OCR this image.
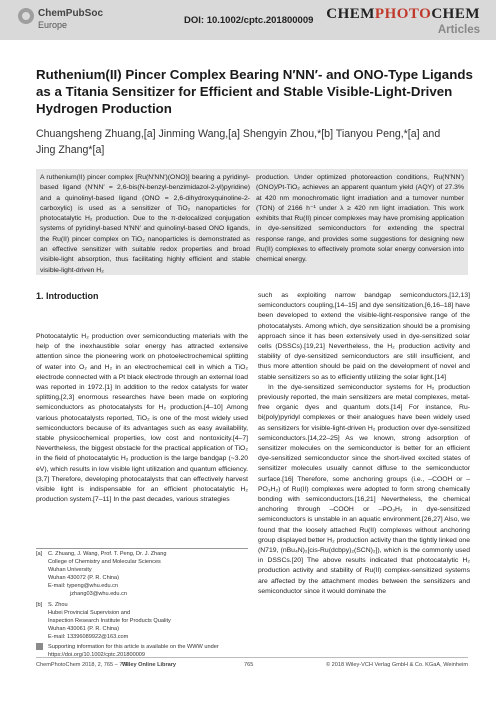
ChemPubSoc
Europe	DOI: 10.1002/cptc.201800009 CHEMPHOTOCHEM
Articles
Ruthenium(II) Pincer Complex Bearing N′NN′- and ONO-Type Ligands as a Titania Sensitizer for Efficient and Stable Visible-Light-Driven Hydrogen Production
Chuangsheng Zhuang,[a] Jinming Wang,[a] Shengyin Zhou,*[b] Tianyou Peng,*[a] and
Jing Zhang*[a]
A ruthenium(II) pincer complex [Ru(N′NN′)(ONO)] bearing a pyridinyl-based ligand (N′NN′ = 2,6-bis(N-benzyl-benzimidazol-2-yl)pyridine) and a quinolinyl-based ligand (ONO = 2,6-dihydroxyquinoline-2-carboxylic) is used as a sensitizer of TiO₂ nanoparticles for photocatalytic H₂ production. Due to the π-delocalized conjugation systems of pyridinyl-based N′NN′ and quinolinyl-based ONO ligands, the Ru(II) pincer complex on TiO₂ nanoparticles is demonstrated as an effective sensitizer with suitable redox properties and broad visible-light absorption, thus facilitating highly efficient and stable visible-light-driven H₂
production. Under optimized photoreaction conditions, Ru(N′NN′)(ONO)/Pt-TiO₂ achieves an apparent quantum yield (AQY) of 27.3% at 420 nm monochromatic light irradiation and a turnover number (TON) of 2166 h⁻¹ under λ ≥ 420 nm light irradiation. This work exhibits that Ru(II) pincer complexes may have promising application in dye-sensitized semiconductors for extending the spectral response range, and provides some suggestions for designing new Ru(II) complexes to effectively promote solar energy conversion into chemical energy.
1. Introduction

Photocatalytic H₂ production over semiconducting materials with the help of the inexhaustible solar energy has attracted extensive attention since the pioneering work on photoelectrochemical splitting of water into O₂ and H₂ in an electrochemical cell in which a TiO₂ electrode connected with a Pt black electrode through an external load was reported in 1972.[1] In addition to the redox catalysts for water splitting,[2,3] enormous researches have been made on exploring semiconductors as photocatalysts for H₂ production.[4–10] Among various photocatalysts reported, TiO₂ is one of the most widely used semiconductors because of its advantages such as easy availability, stable physicochemical properties, low cost and nontoxicity.[4–7] Nevertheless, the biggest obstacle for the practical application of TiO₂ in the field of photocatalytic H₂ production is the large bandgap (~3.20 eV), which results in low visible light utilization and quantum efficiency.[3,7] Therefore, developing photocatalysts that can effectively harvest visible light is indispensable for an efficient photocatalytic H₂ production system.[7–11] In the past decades, various strategies

such as exploiting narrow bandgap semiconductors,[12,13] semiconductors coupling,[14–15] and dye sensitization,[6,16–18] have been developed to extend the visible-light-responsive range of the photocatalysts. Among which, dye sensitization should be a promising approach since it has been extensively used in dye-sensitized solar cells (DSSCs).[19,21] Nevertheless, the H₂ production activity and stability of dye-sensitized semiconductors are still insufficient, and thus more attention should be paid on the development of novel and stable sensitizers so as to efficiently utilizing the solar light.[14]

In the dye-sensitized semiconductor systems for H₂ production previously reported, the main sensitizers are metal complexes, metal-free organic dyes and quantum dots.[14] For instance, Ru-bi(poly)pyridyl complexes or their analogues have been widely used as sensitizers for visible-light-driven H₂ production over dye-sensitized semiconductors.[14,22–25] As we known, strong adsorption of sensitizer molecules on the semiconductor is better for an efficient dye-sensitized semiconductor since the short-lived excited states of sensitizer molecules usually cannot diffuse to the semiconductor surface.[16] Therefore, some anchoring groups (i.e., –COOH or –PO₃H₂) of Ru(II) complexes were adopted to form strong chemically bonding with semiconductors.[16,21] Nevertheless, the chemical anchoring through –COOH or –PO₃H₂ in dye-sensitized semiconductors is unstable in an aquatic environment.[26,27] Also, we found that the loosely attached Ru(II) complexes without anchoring group displayed better H₂ production activity than the tightly linked one (N719, (nBu₄N)₂[cis-Ru(dcbpy)₂(SCN)₂]), which is the commonly used in DSSCs.[20] The above results indicated that photocatalytic H₂ production activity and stability of Ru(II) complex-sensitized systems are affected by the attachment modes between the sensitizers and semiconductor since it would dominate the

[a] C. Zhuang, J. Wang, Prof. T. Peng, Dr. J. Zhang
College of Chemistry and Molecular Sciences
Wuhan University
Wuhan 430072 (P. R. China)
E-mail: typeng@whu.edu.cn
jzhang03@whu.edu.cn
[b] S. Zhou
Hubei Provincial Supervision and
Inspection Research Institute for Products Quality
Wuhan 430061 (P. R. China)
E-mail: 13396089922@163.com
Supporting information for this article is available on the WWW under https://doi.org/10.1002/cptc.201800009
ChemPhotoChem 2018, 2, 765 – 772
Wiley Online Library	765	© 2018 Wiley-VCH Verlag GmbH & Co. KGaA, Weinheim
